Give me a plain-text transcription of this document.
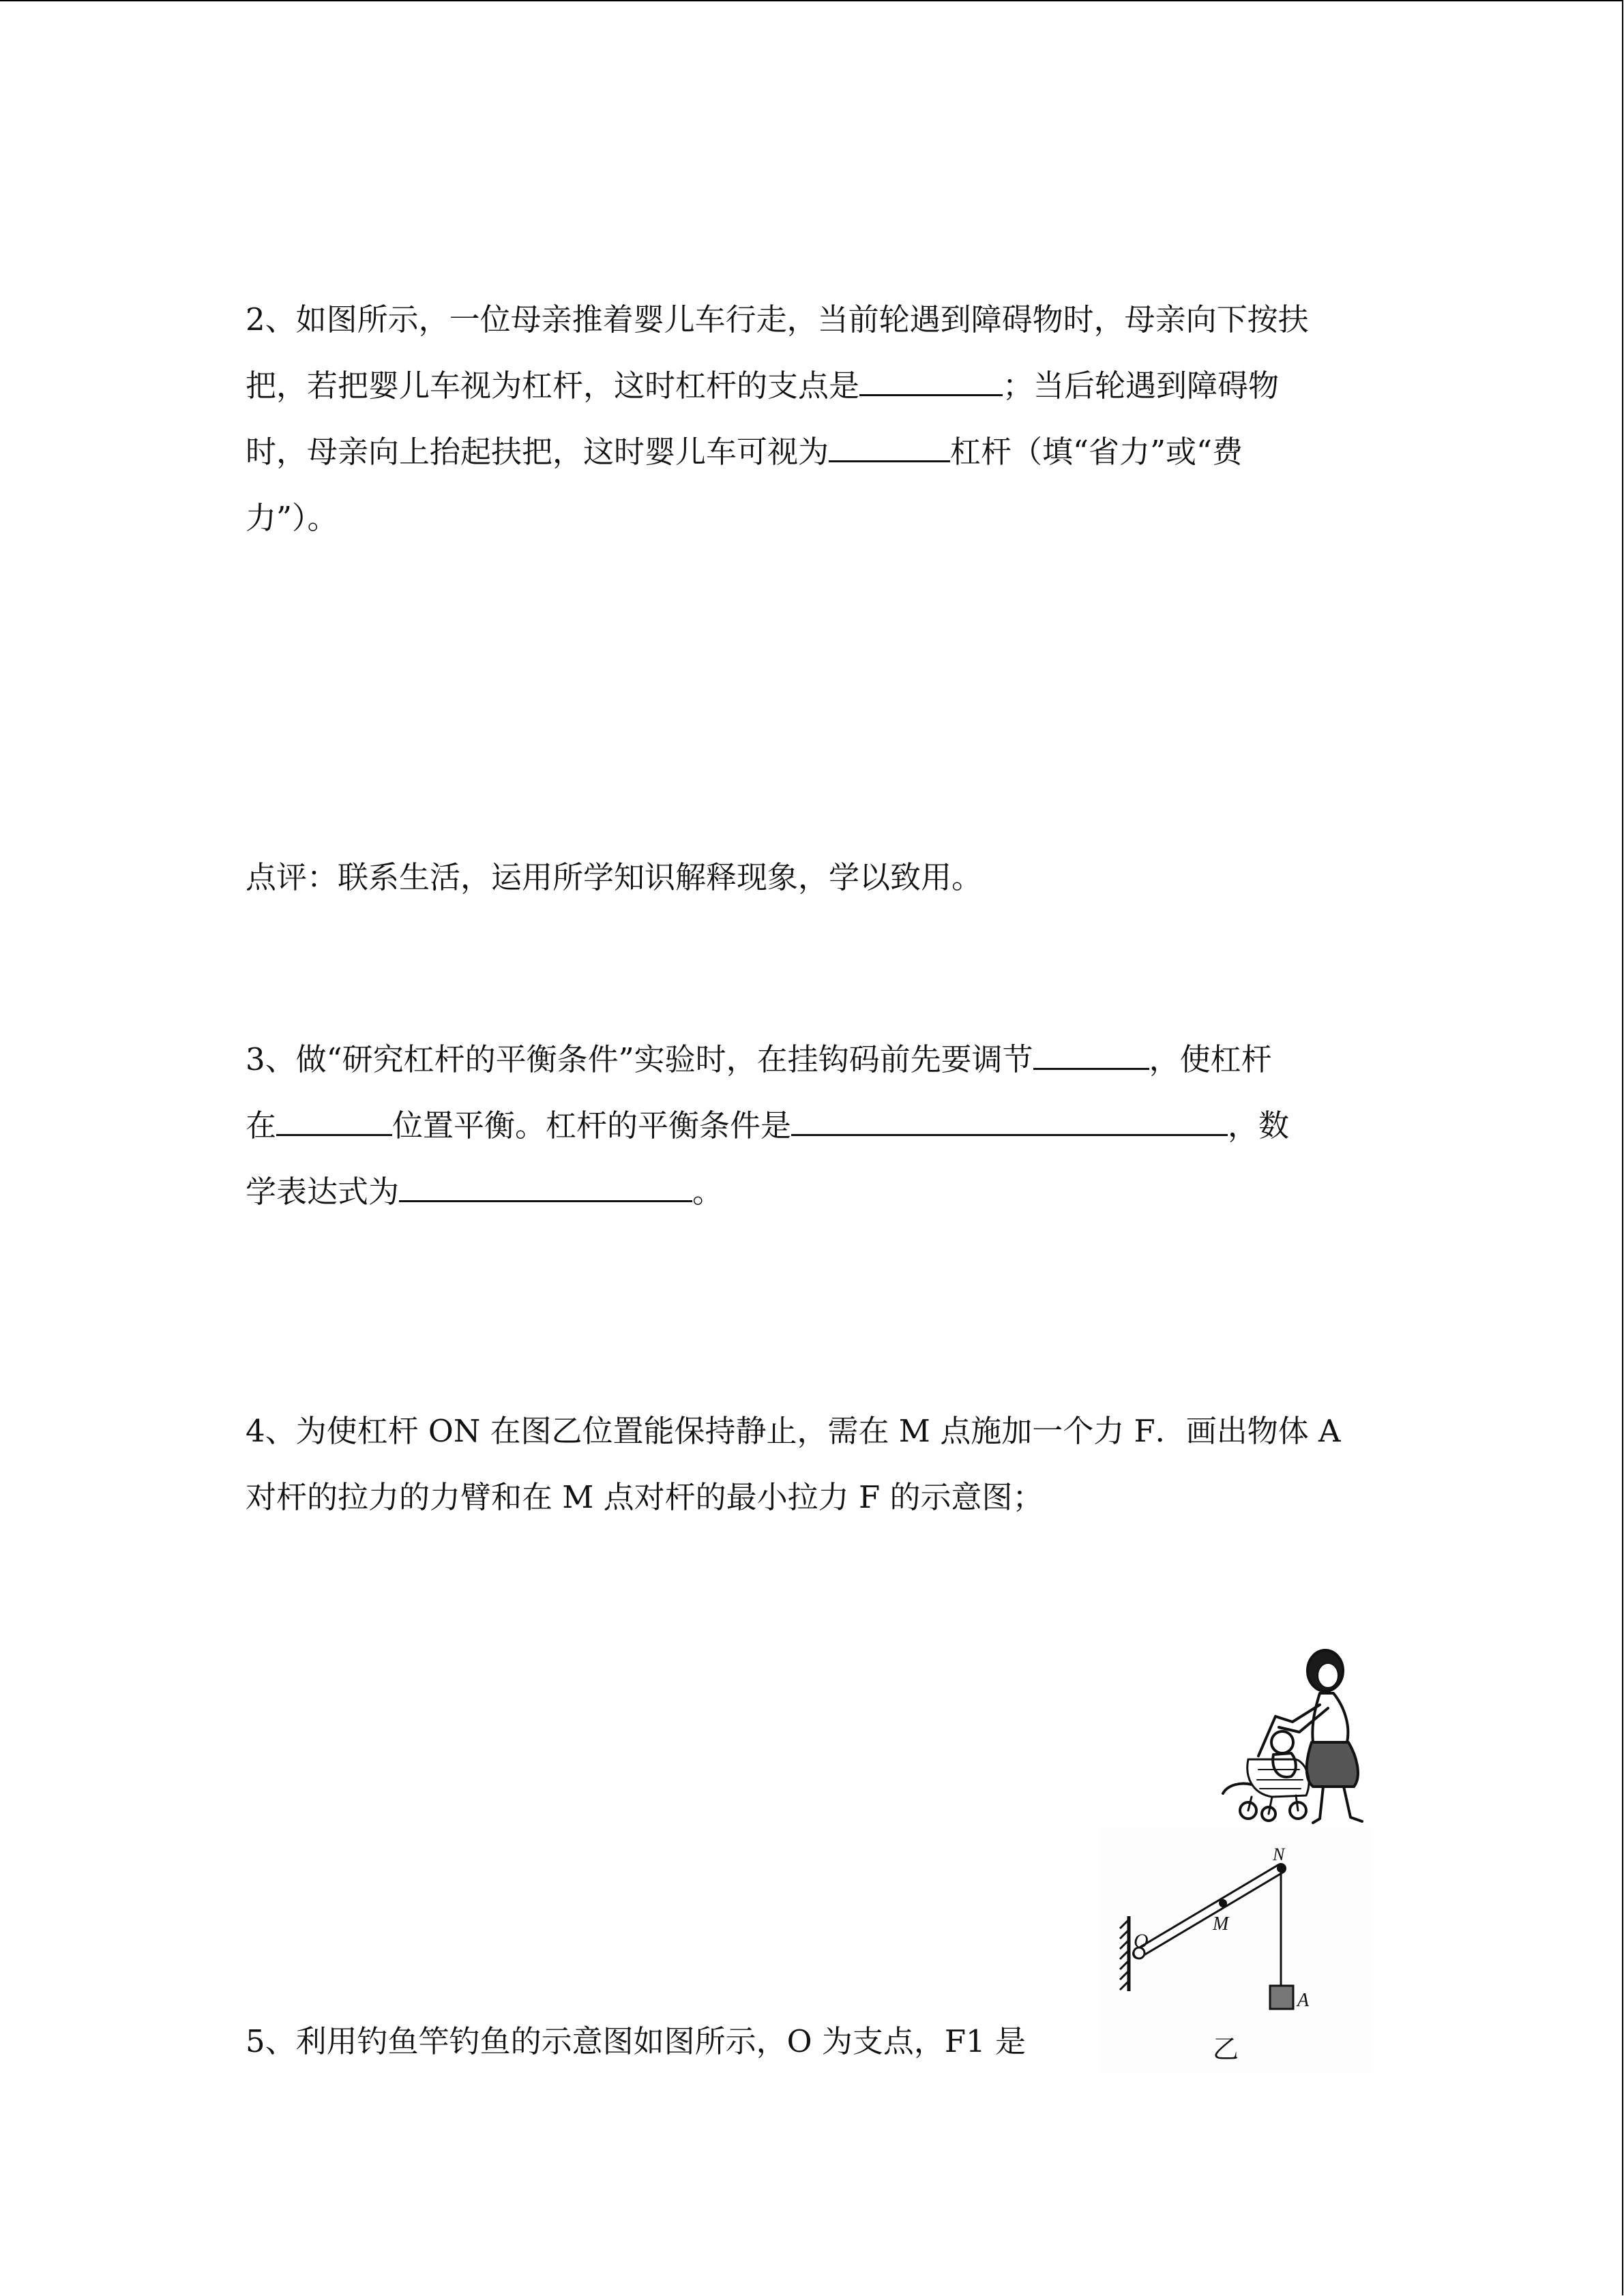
2、如图所示，一位母亲推着婴儿车行走，当前轮遇到障碍物时，母亲向下按扶
把，若把婴儿车视为杠杆，这时杠杆的支点是	；当后轮遇到障碍物
时，母亲向上抬起扶把，这时婴儿车可视为	杠杆（填“省力”或“费
力”）。
点评：联系生活，运用所学知识解释现象，学以致用。
3、做“研究杠杆的平衡条件”实验时，在挂钩码前先要调节	，使杠杆
在	位置平衡。杠杆的平衡条件是	，数
学表达式为	。
4、为使杠杆 ON 在图乙位置能保持静止，需在 M 点施加一个力 F．画出物体 A
对杆的拉力的力臂和在 M 点对杆的最小拉力 F 的示意图；
5、利用钓鱼竿钓鱼的示意图如图所示，O 为支点，F1 是
O
M
N
A
乙
